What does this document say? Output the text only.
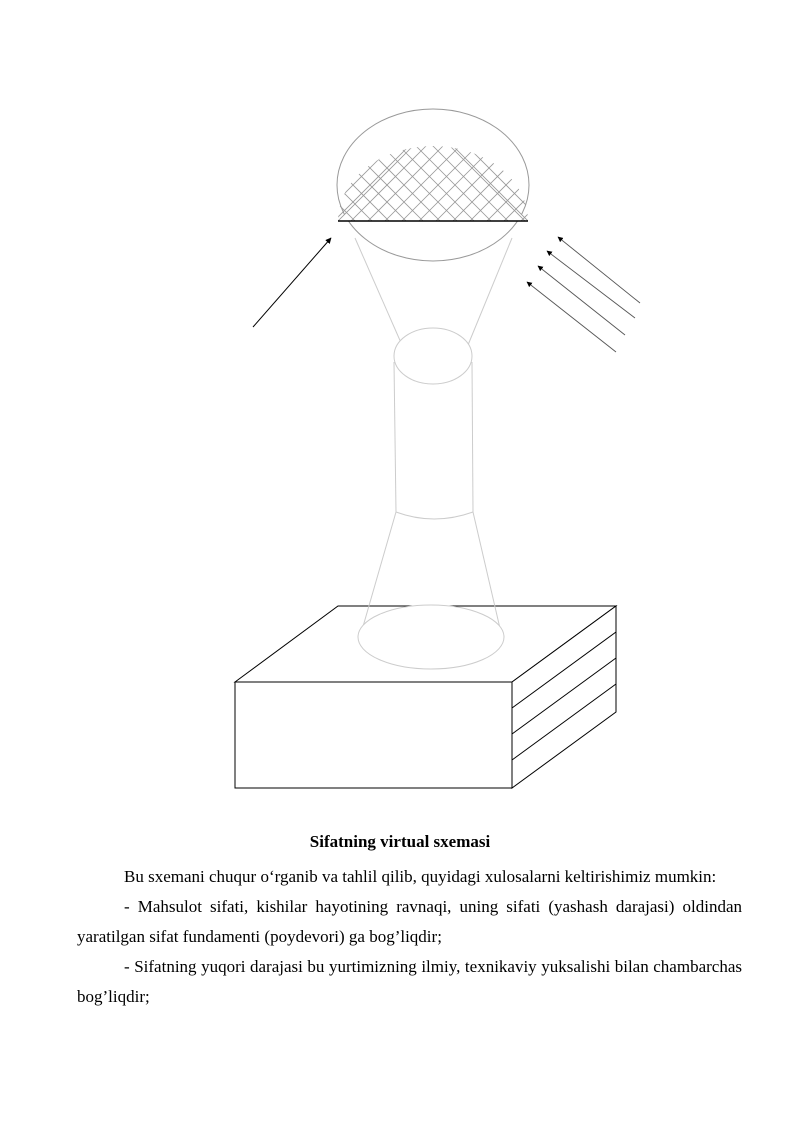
Sifatning virtual sxemasi

Bu sxemani chuqur o‘rganib va tahlil qilib, quyidagi xulosalarni keltirishimiz mumkin:

- Mahsulot sifati, kishilar hayotining ravnaqi, uning sifati (yashash darajasi) oldindan yaratilgan sifat fundamenti (poydevori) ga bog’liqdir;

- Sifatning yuqori darajasi bu yurtimizning ilmiy, texnikaviy yuksalishi bilan chambarchas bog’liqdir;
